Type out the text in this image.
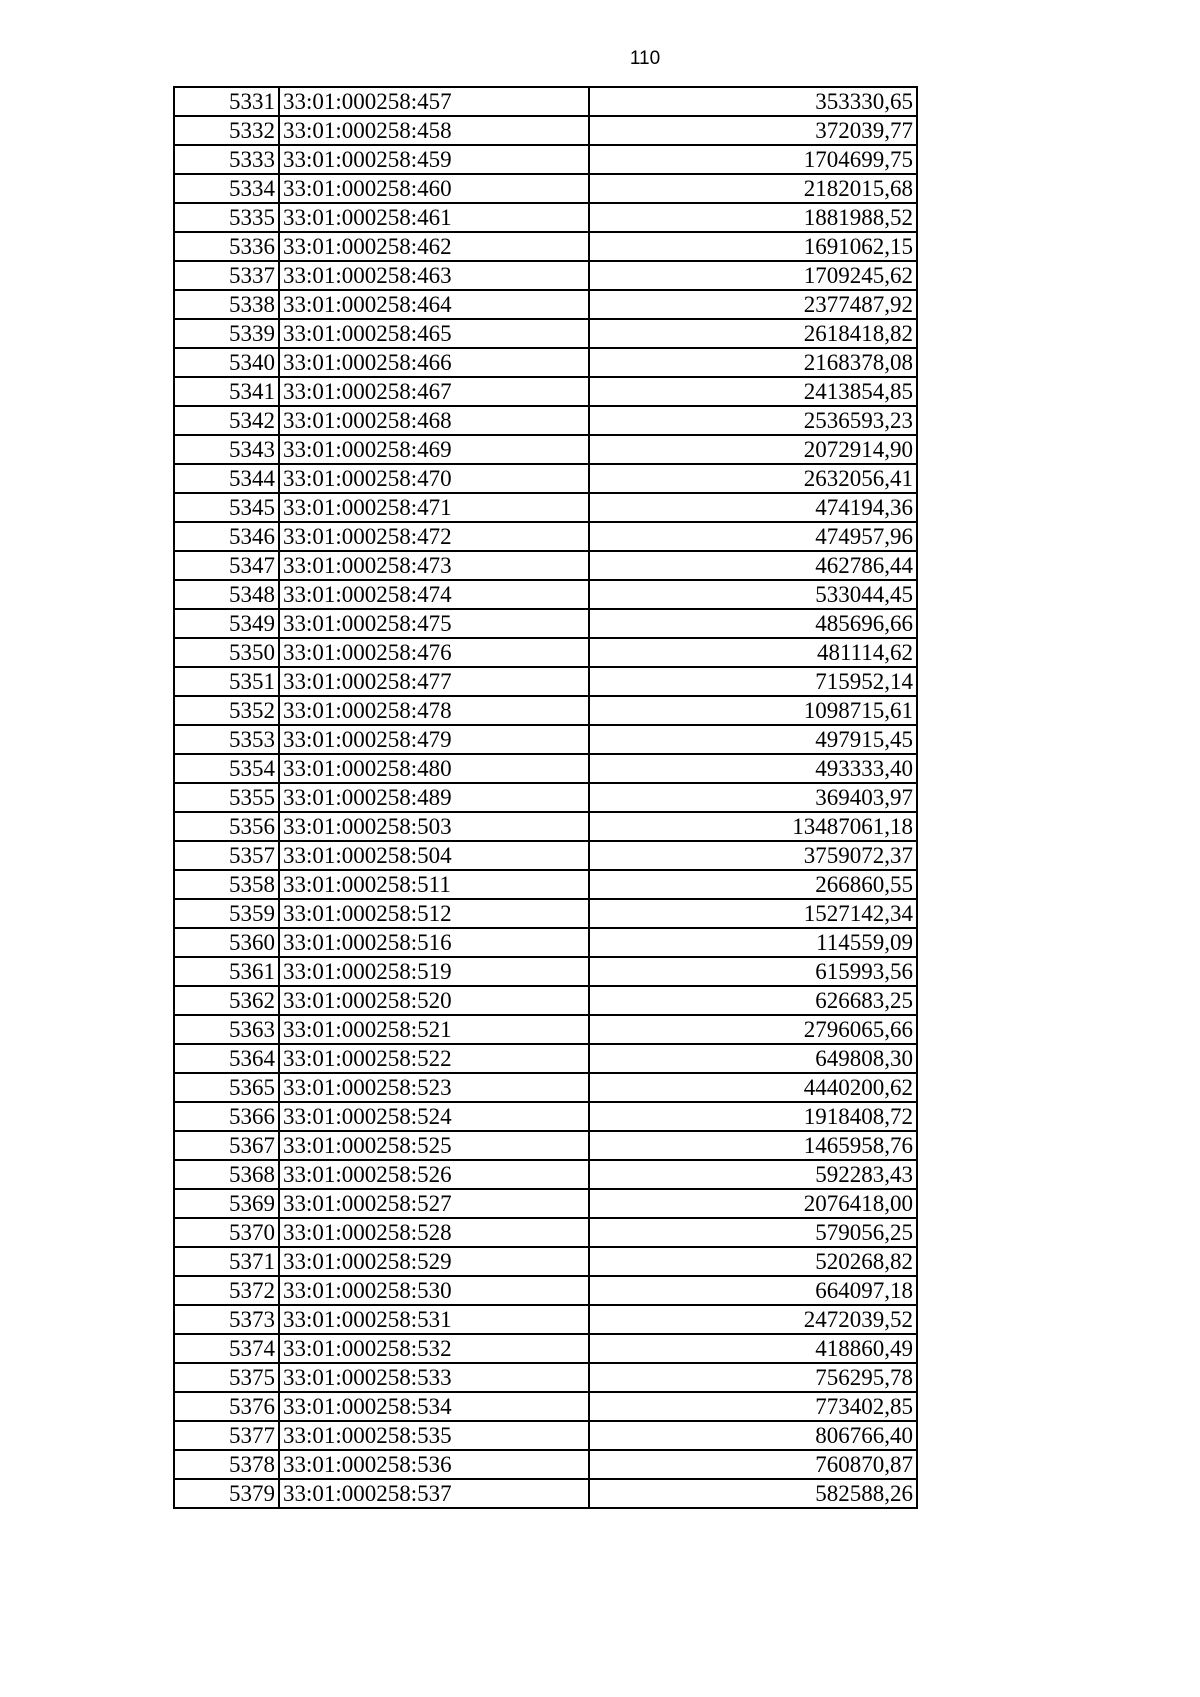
110
5331	33:01:000258:457	353330,65
5332	33:01:000258:458	372039,77
5333	33:01:000258:459	1704699,75
5334	33:01:000258:460	2182015,68
5335	33:01:000258:461	1881988,52
5336	33:01:000258:462	1691062,15
5337	33:01:000258:463	1709245,62
5338	33:01:000258:464	2377487,92
5339	33:01:000258:465	2618418,82
5340	33:01:000258:466	2168378,08
5341	33:01:000258:467	2413854,85
5342	33:01:000258:468	2536593,23
5343	33:01:000258:469	2072914,90
5344	33:01:000258:470	2632056,41
5345	33:01:000258:471	474194,36
5346	33:01:000258:472	474957,96
5347	33:01:000258:473	462786,44
5348	33:01:000258:474	533044,45
5349	33:01:000258:475	485696,66
5350	33:01:000258:476	481114,62
5351	33:01:000258:477	715952,14
5352	33:01:000258:478	1098715,61
5353	33:01:000258:479	497915,45
5354	33:01:000258:480	493333,40
5355	33:01:000258:489	369403,97
5356	33:01:000258:503	13487061,18
5357	33:01:000258:504	3759072,37
5358	33:01:000258:511	266860,55
5359	33:01:000258:512	1527142,34
5360	33:01:000258:516	114559,09
5361	33:01:000258:519	615993,56
5362	33:01:000258:520	626683,25
5363	33:01:000258:521	2796065,66
5364	33:01:000258:522	649808,30
5365	33:01:000258:523	4440200,62
5366	33:01:000258:524	1918408,72
5367	33:01:000258:525	1465958,76
5368	33:01:000258:526	592283,43
5369	33:01:000258:527	2076418,00
5370	33:01:000258:528	579056,25
5371	33:01:000258:529	520268,82
5372	33:01:000258:530	664097,18
5373	33:01:000258:531	2472039,52
5374	33:01:000258:532	418860,49
5375	33:01:000258:533	756295,78
5376	33:01:000258:534	773402,85
5377	33:01:000258:535	806766,40
5378	33:01:000258:536	760870,87
5379	33:01:000258:537	582588,26
